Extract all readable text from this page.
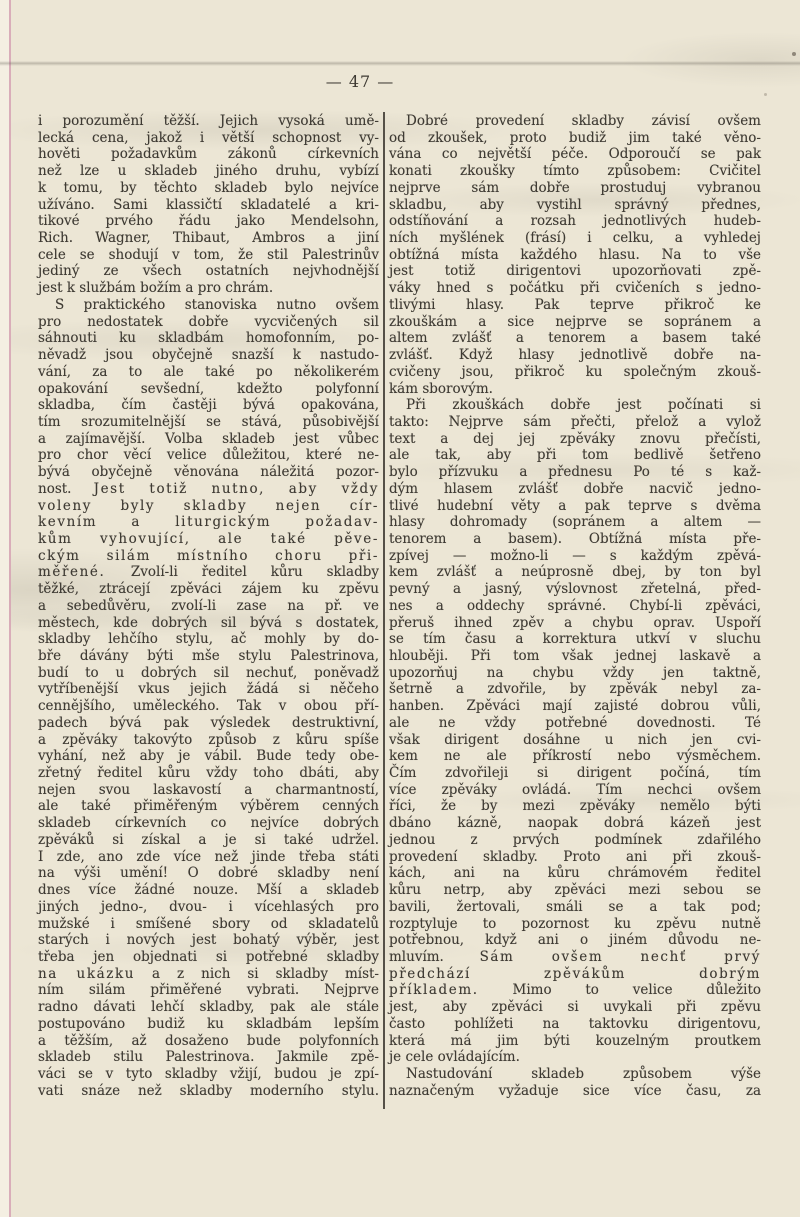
— 47 —
i porozumění těžší. Jejich vysoká umě-
lecká cena, jakož i větší schopnost vy-
hověti požadavkům zákonů církevních
než lze u skladeb jiného druhu, vybízí
k tomu, by těchto skladeb bylo nejvíce
užíváno. Sami klassičtí skladatelé a kri-
tikové prvého řádu jako Mendelsohn,
Rich. Wagner, Thibaut, Ambros a jiní
cele se shodují v tom, že stil Palestrinův
jediný ze všech ostatních nejvhodnější
jest k službám božím a pro chrám.
S praktického stanoviska nutno ovšem
pro nedostatek dobře vycvičených sil
sáhnouti ku skladbám homofonním, po-
něvadž jsou obyčejně snazší k nastudo-
vání, za to ale také po několikerém
opakování sevšední, kdežto polyfonní
skladba, čím častěji bývá opakována,
tím srozumitelnější se stává, působivější
a zajímavější. Volba skladeb jest vůbec
pro chor věcí velice důležitou, které ne-
bývá obyčejně věnována náležitá pozor-
nost. Jest totiž nutno, aby vždy
voleny byly skladby nejen cír-
kevním a liturgickým požadav-
kům vyhovující, ale také pěve-
ckým silám místního choru při-
měřené. Zvolí-li ředitel kůru skladby
těžké, ztrácejí zpěváci zájem ku zpěvu
a sebedůvěru, zvolí-li zase na př. ve
městech, kde dobrých sil bývá s dostatek,
skladby lehčího stylu, ač mohly by do-
bře dávány býti mše stylu Palestrinova,
budí to u dobrých sil nechuť, poněvadž
vytříbenější vkus jejich žádá si něčeho
cennějšího, uměleckého. Tak v obou pří-
padech bývá pak výsledek destruktivní,
a zpěváky takovýto způsob z kůru spíše
vyhání, než aby je vábil. Bude tedy obe-
zřetný ředitel kůru vždy toho dbáti, aby
nejen svou laskavostí a charmantností,
ale také přiměřeným výběrem cenných
skladeb církevních co nejvíce dobrých
zpěváků si získal a je si také udržel.
I zde, ano zde více než jinde třeba státi
na výši umění! O dobré skladby není
dnes více žádné nouze. Mší a skladeb
jiných jedno-, dvou- i vícehlasých pro
mužské i smíšené sbory od skladatelů
starých i nových jest bohatý výběr, jest
třeba jen objednati si potřebné skladby
na ukázku a z nich si skladby míst-
ním silám přiměřené vybrati. Nejprve
radno dávati lehčí skladby, pak ale stále
postupováno budiž ku skladbám lepším
a těžším, až dosaženo bude polyfonních
skladeb stilu Palestrinova. Jakmile zpě-
váci se v tyto skladby vžijí, budou je zpí-
vati snáze než skladby moderního stylu.
Dobré provedení skladby závisí ovšem
od zkoušek, proto budiž jim také věno-
vána co největší péče. Odporoučí se pak
konati zkoušky tímto způsobem: Cvičitel
nejprve sám dobře prostuduj vybranou
skladbu, aby vystihl správný přednes,
odstíňování a rozsah jednotlivých hudeb-
ních myšlének (frásí) i celku, a vyhledej
obtížná místa každého hlasu. Na to vše
jest totiž dirigentovi upozorňovati zpě-
váky hned s počátku při cvičeních s jedno-
tlivými hlasy. Pak teprve přikroč ke
zkouškám a sice nejprve se sopránem a
altem zvlášť a tenorem a basem také
zvlášť. Když hlasy jednotlivě dobře na-
cvičeny jsou, přikroč ku společným zkouš-
kám sborovým.
Při zkouškách dobře jest počínati si
takto: Nejprve sám přečti, přelož a vylož
text a dej jej zpěváky znovu přečísti,
ale tak, aby při tom bedlivě šetřeno
bylo přízvuku a přednesu Po té s kaž-
dým hlasem zvlášť dobře nacvič jedno-
tlivé hudební věty a pak teprve s dvěma
hlasy dohromady (sopránem a altem —
tenorem a basem). Obtížná místa pře-
zpívej — možno-li — s každým zpěvá-
kem zvlášť a neúprosně dbej, by ton byl
pevný a jasný, výslovnost zřetelná, před-
nes a oddechy správné. Chybí-li zpěváci,
přeruš ihned zpěv a chybu oprav. Uspoří
se tím času a korrektura utkví v sluchu
hlouběji. Při tom však jednej laskavě a
upozorňuj na chybu vždy jen taktně,
šetrně a zdvořile, by zpěvák nebyl za-
hanben. Zpěváci mají zajisté dobrou vůli,
ale ne vždy potřebné dovednosti. Té
však dirigent dosáhne u nich jen cvi-
kem ne ale příkrostí nebo výsměchem.
Čím zdvořileji si dirigent počíná, tím
více zpěváky ovládá. Tím nechci ovšem
říci, že by mezi zpěváky nemělo býti
dbáno kázně, naopak dobrá kázeň jest
jednou z prvých podmínek zdařilého
provedení skladby. Proto ani při zkouš-
kách, ani na kůru chrámovém ředitel
kůru netrp, aby zpěváci mezi sebou se
bavili, žertovali, smáli se a tak pod;
rozptyluje to pozornost ku zpěvu nutně
potřebnou, když ani o jiném důvodu ne-
mluvím. Sám ovšem nechť prvý
předchází zpěvákům dobrým
příkladem. Mimo to velice důležito
jest, aby zpěváci si uvykali při zpěvu
často pohlížeti na taktovku dirigentovu,
která má jim býti kouzelným proutkem
je cele ovládajícím.
Nastudování skladeb způsobem výše
naznačeným vyžaduje sice více času, za
